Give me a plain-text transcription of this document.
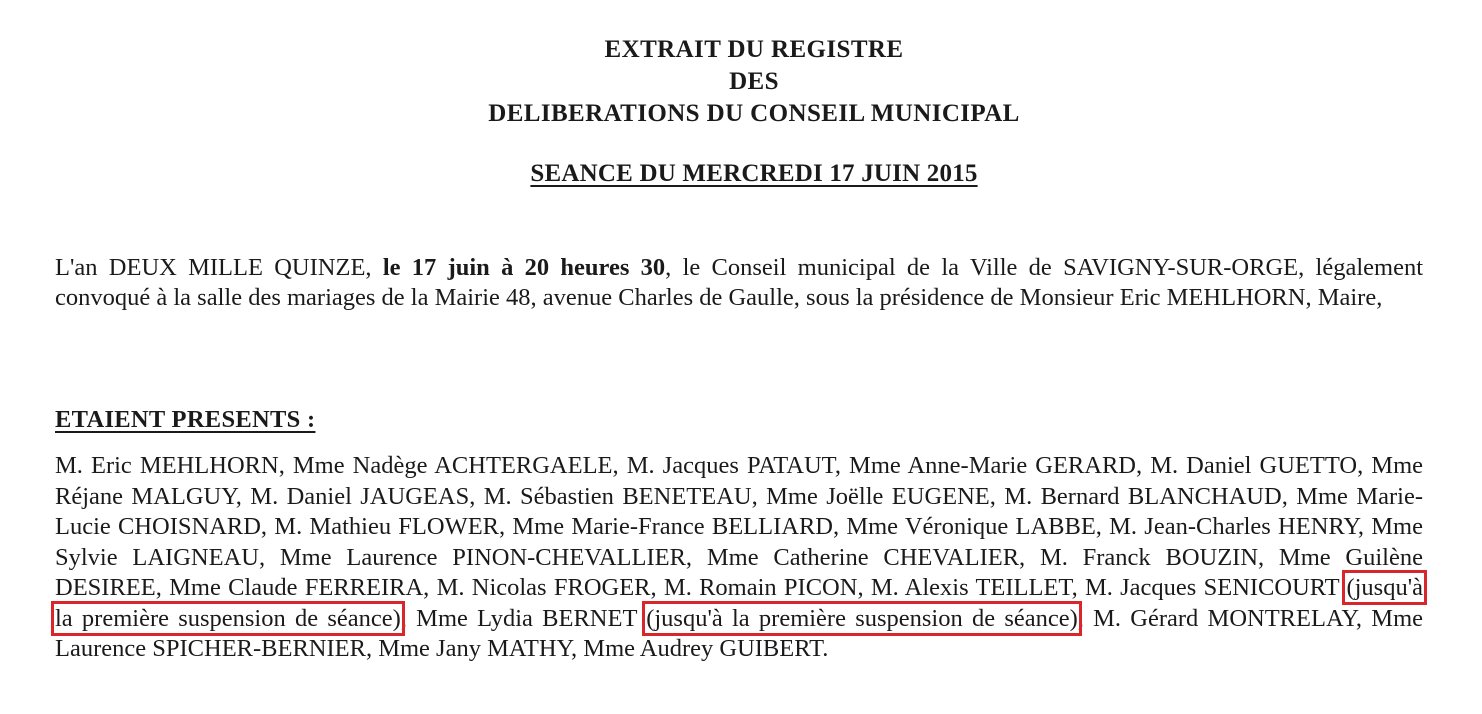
EXTRAIT DU REGISTRE
DES
DELIBERATIONS DU CONSEIL MUNICIPAL
SEANCE DU MERCREDI 17 JUIN 2015
L'an DEUX MILLE QUINZE, le 17 juin à 20 heures 30, le Conseil municipal de la Ville de SAVIGNY-SUR-ORGE, légalement convoqué à la salle des mariages de la Mairie 48, avenue Charles de Gaulle, sous la présidence de Monsieur Eric MEHLHORN, Maire,
ETAIENT PRESENTS :
M. Eric MEHLHORN, Mme Nadège ACHTERGAELE, M. Jacques PATAUT, Mme Anne-Marie GERARD, M. Daniel GUETTO, Mme Réjane MALGUY, M. Daniel JAUGEAS, M. Sébastien BENETEAU, Mme Joëlle EUGENE, M. Bernard BLANCHAUD, Mme Marie-Lucie CHOISNARD, M. Mathieu FLOWER, Mme Marie-France BELLIARD, Mme Véronique LABBE, M. Jean-Charles HENRY, Mme Sylvie LAIGNEAU, Mme Laurence PINON-CHEVALLIER, Mme Catherine CHEVALIER, M. Franck BOUZIN, Mme Guilène DESIREE, Mme Claude FERREIRA, M. Nicolas FROGER, M. Romain PICON, M. Alexis TEILLET, M. Jacques SENICOURT (jusqu'à la première suspension de séance), Mme Lydia BERNET (jusqu'à la première suspension de séance), M. Gérard MONTRELAY, Mme Laurence SPICHER-BERNIER, Mme Jany MATHY, Mme Audrey GUIBERT.
